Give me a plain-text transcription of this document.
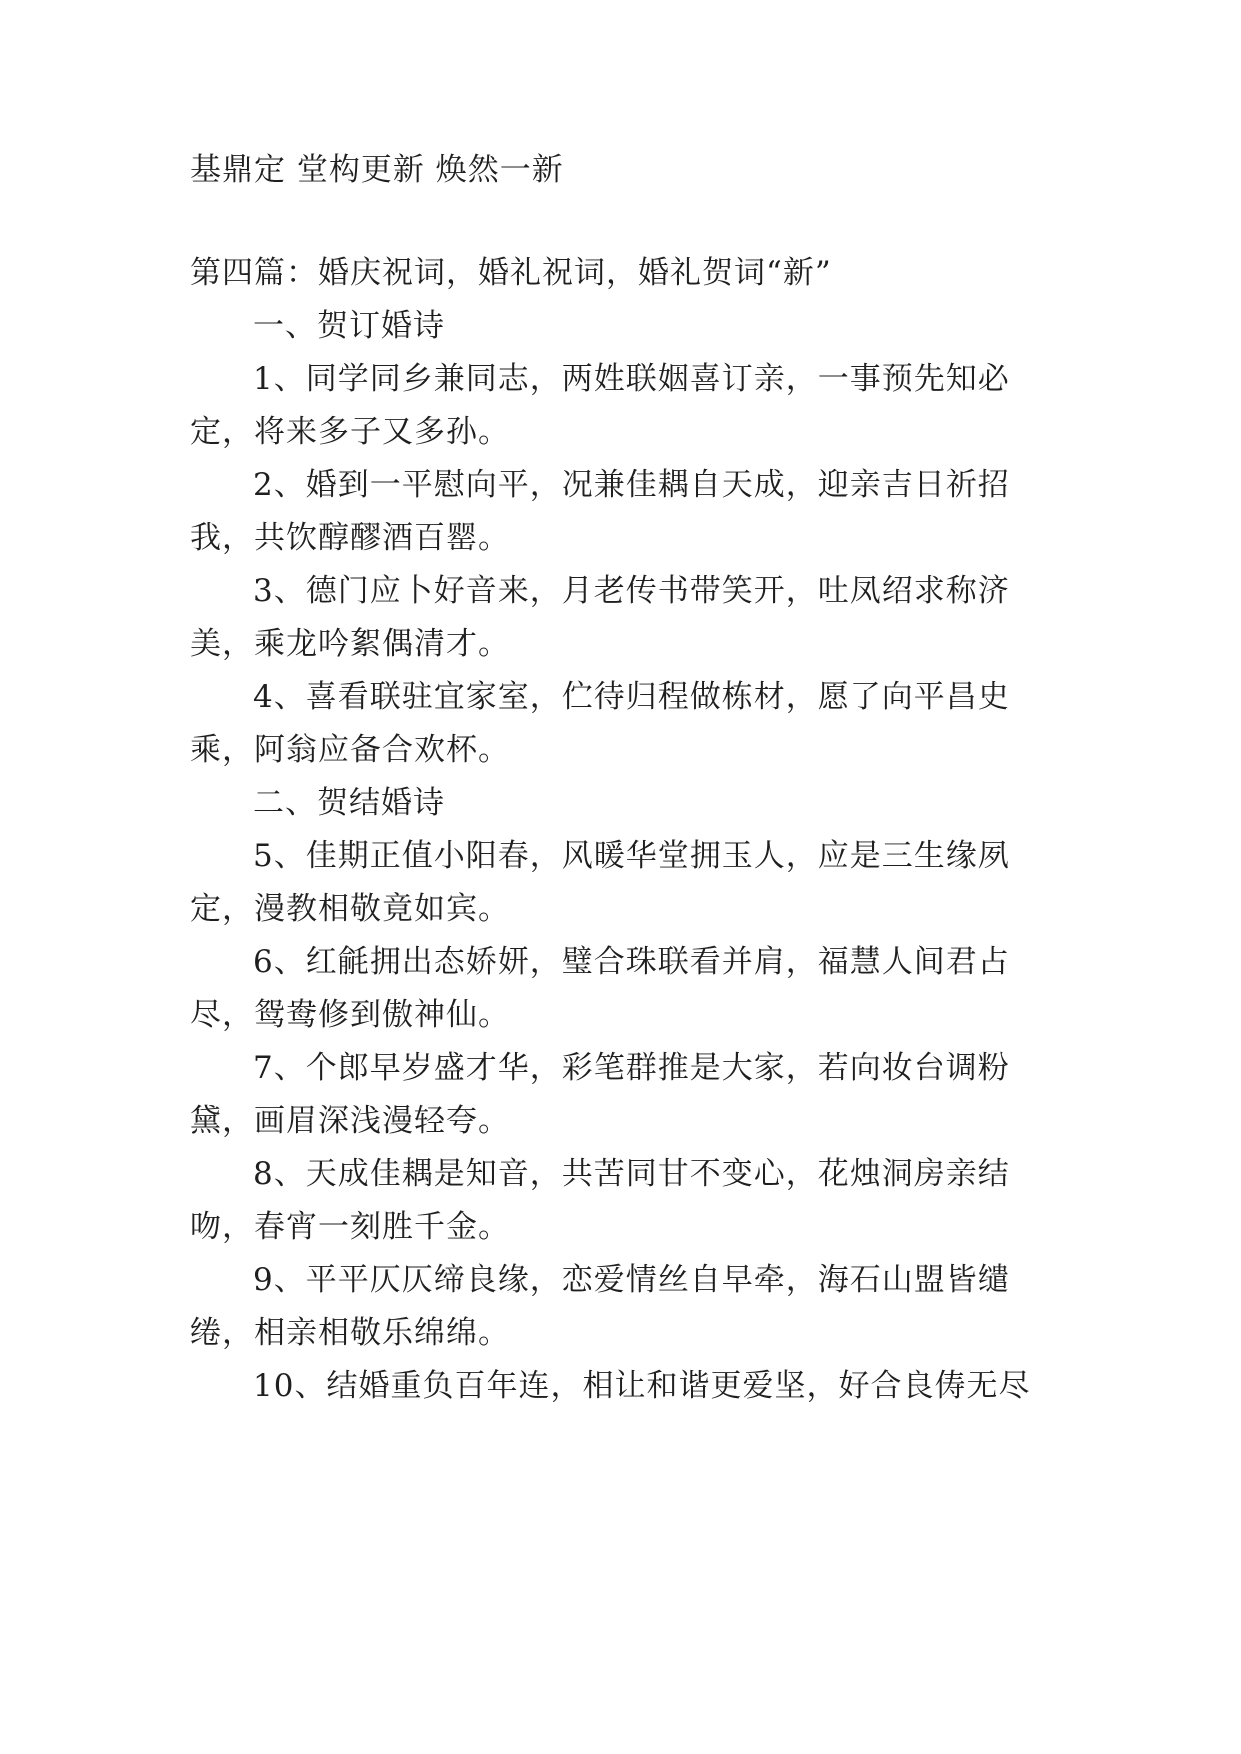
基鼎定 堂构更新 焕然一新
第四篇：婚庆祝词，婚礼祝词，婚礼贺词“新”
一、贺订婚诗
1、同学同乡兼同志，两姓联姻喜订亲，一事预先知必
定，将来多子又多孙。
2、婚到一平慰向平，况兼佳耦自天成，迎亲吉日祈招
我，共饮醇醪酒百罂。
3、德门应卜好音来，月老传书带笑开，吐凤绍求称济
美，乘龙吟絮偶清才。
4、喜看联驻宜家室，伫待归程做栋材，愿了向平昌史
乘，阿翁应备合欢杯。
二、贺结婚诗
5、佳期正值小阳春，风暖华堂拥玉人，应是三生缘夙
定，漫教相敬竟如宾。
6、红毹拥出态娇妍，璧合珠联看并肩，福慧人间君占
尽，鸳鸯修到傲神仙。
7、个郎早岁盛才华，彩笔群推是大家，若向妆台调粉
黛，画眉深浅漫轻夸。
8、天成佳耦是知音，共苦同甘不变心，花烛洞房亲结
吻，春宵一刻胜千金。
9、平平仄仄缔良缘，恋爱情丝自早牵，海石山盟皆缱
绻，相亲相敬乐绵绵。
10、结婚重负百年连，相让和谐更爱坚，好合良俦无尽
